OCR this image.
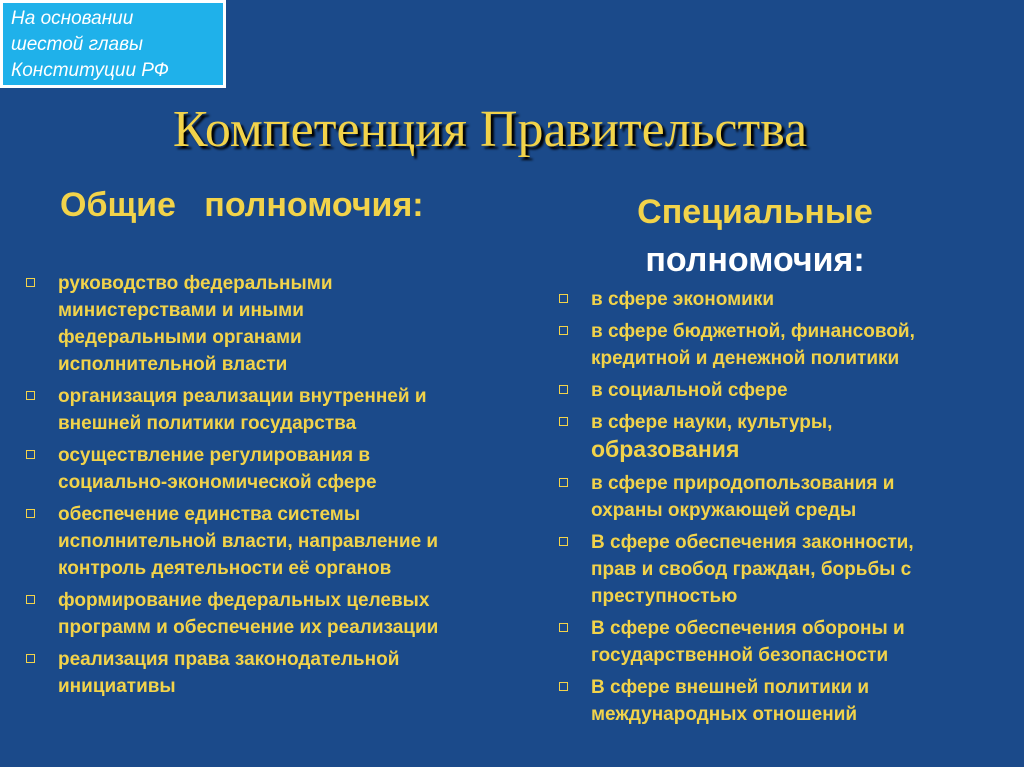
На основании
шестой главы
Конституции РФ
Компетенция Правительства
Общие   полномочия:	Специальные
полномочия:
руководство федеральными
министерствами и иными
федеральными органами
исполнительной власти
организация реализации внутренней и
внешней политики государства
осуществление регулирования в
социально-экономической сфере
обеспечение единства системы
исполнительной власти, направление и
контроль деятельности её органов
формирование федеральных целевых
программ и обеспечение их реализации
реализация права законодательной
инициативы
в сфере экономики
в сфере бюджетной, финансовой,
кредитной и денежной политики
в социальной сфере
в сфере науки, культуры,
образования
в сфере природопользования и
охраны окружающей среды
В сфере обеспечения законности,
прав и свобод граждан, борьбы с
преступностью
В сфере обеспечения обороны и
государственной безопасности
В сфере внешней политики и
международных отношений
